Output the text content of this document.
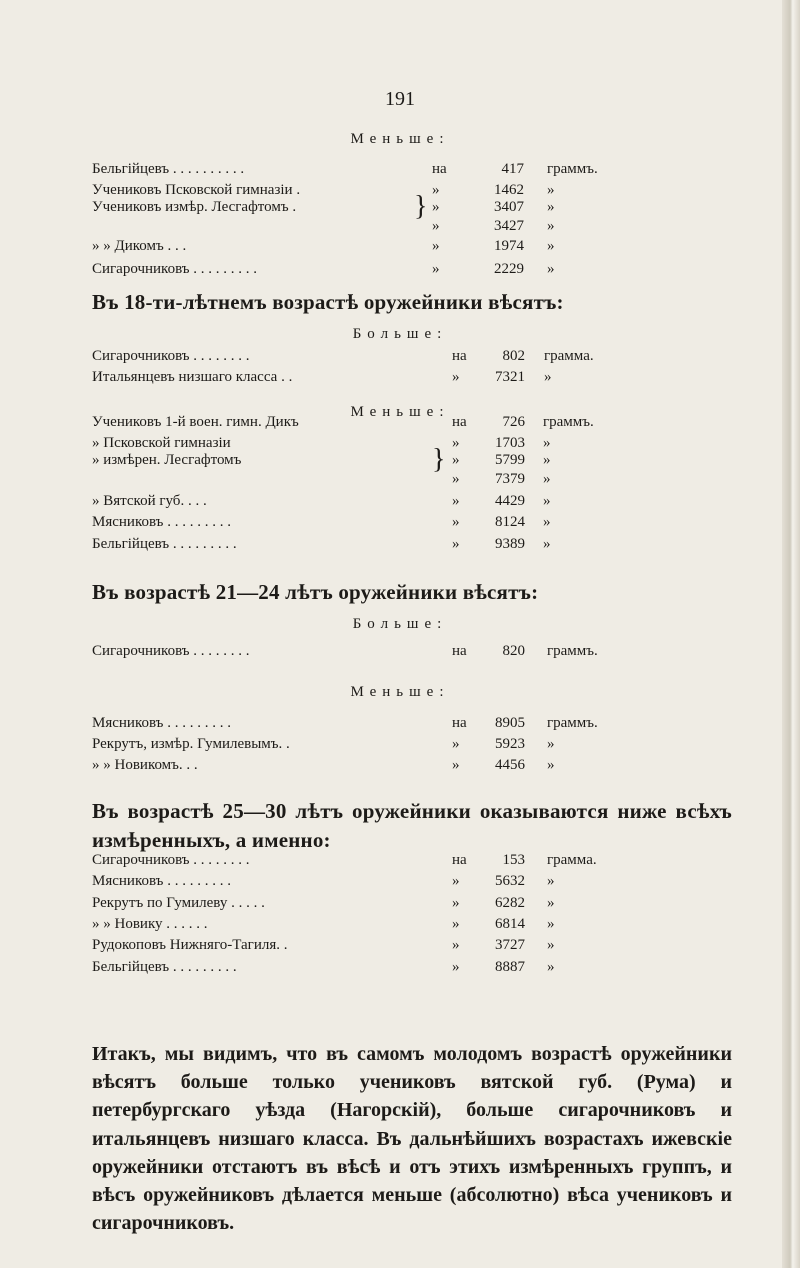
191
Меньше:
Бельгійцевъ . . . . . . . . . .	на	417 граммъ.
Учениковъ Псковской гимназіи .	»	1462 »
Учениковъ измѣр. Лесгафтомъ .	»	3407 »
»	3427 »
» » Дикомъ . . .	»	1974 »
Сигарочниковъ . . . . . . . . .	»	2229 »
}
Въ 18-ти-лѣтнемъ возрастѣ оружейники вѣсятъ:
Больше:
Сигарочниковъ . . . . . . . .	на	802 грамма.
Итальянцевъ низшаго класса . .	»	7321 »
Меньше:
Учениковъ 1-й воен. гимн. Дикъ	на	726 граммъ.
» Псковской гимназіи	»	1703 »
» измѣрен. Лесгафтомъ	»	5799 »
»	7379 »
» Вятской губ. . . .	»	4429 »
Мясниковъ . . . . . . . . .	»	8124 »
Бельгійцевъ . . . . . . . . .	»	9389 »
}
Въ возрастѣ 21—24 лѣтъ оружейники вѣсятъ:
Больше:
Сигарочниковъ . . . . . . . .	на	820 граммъ.
Меньше:
Мясниковъ . . . . . . . . .	на	8905 граммъ.
Рекрутъ, измѣр. Гумилевымъ. .	»	5923 »
» » Новикомъ. . .	»	4456 »
Въ возрастѣ 25—30 лѣтъ оружейники оказываются ниже всѣхъ измѣренныхъ, а именно:
Сигарочниковъ . . . . . . . .	на	153 грамма.
Мясниковъ . . . . . . . . .	»	5632 »
Рекрутъ по Гумилеву . . . . .	»	6282 »
» » Новику . . . . . .	»	6814 »
Рудокоповъ Нижняго-Тагиля. .	»	3727 »
Бельгійцевъ . . . . . . . . .	»	8887 »
Итакъ, мы видимъ, что въ самомъ молодомъ возрастѣ оружейники вѣсятъ больше только учениковъ вятской губ. (Рума) и петербургскаго уѣзда (Нагорскій), больше сигарочниковъ и итальянцевъ низшаго класса. Въ дальнѣйшихъ возрастахъ ижевскіе оружейники отстаютъ въ вѣсѣ и отъ этихъ измѣренныхъ группъ, и вѣсъ оружейниковъ дѣлается меньше (абсолютно) вѣса учениковъ и сигарочниковъ.
